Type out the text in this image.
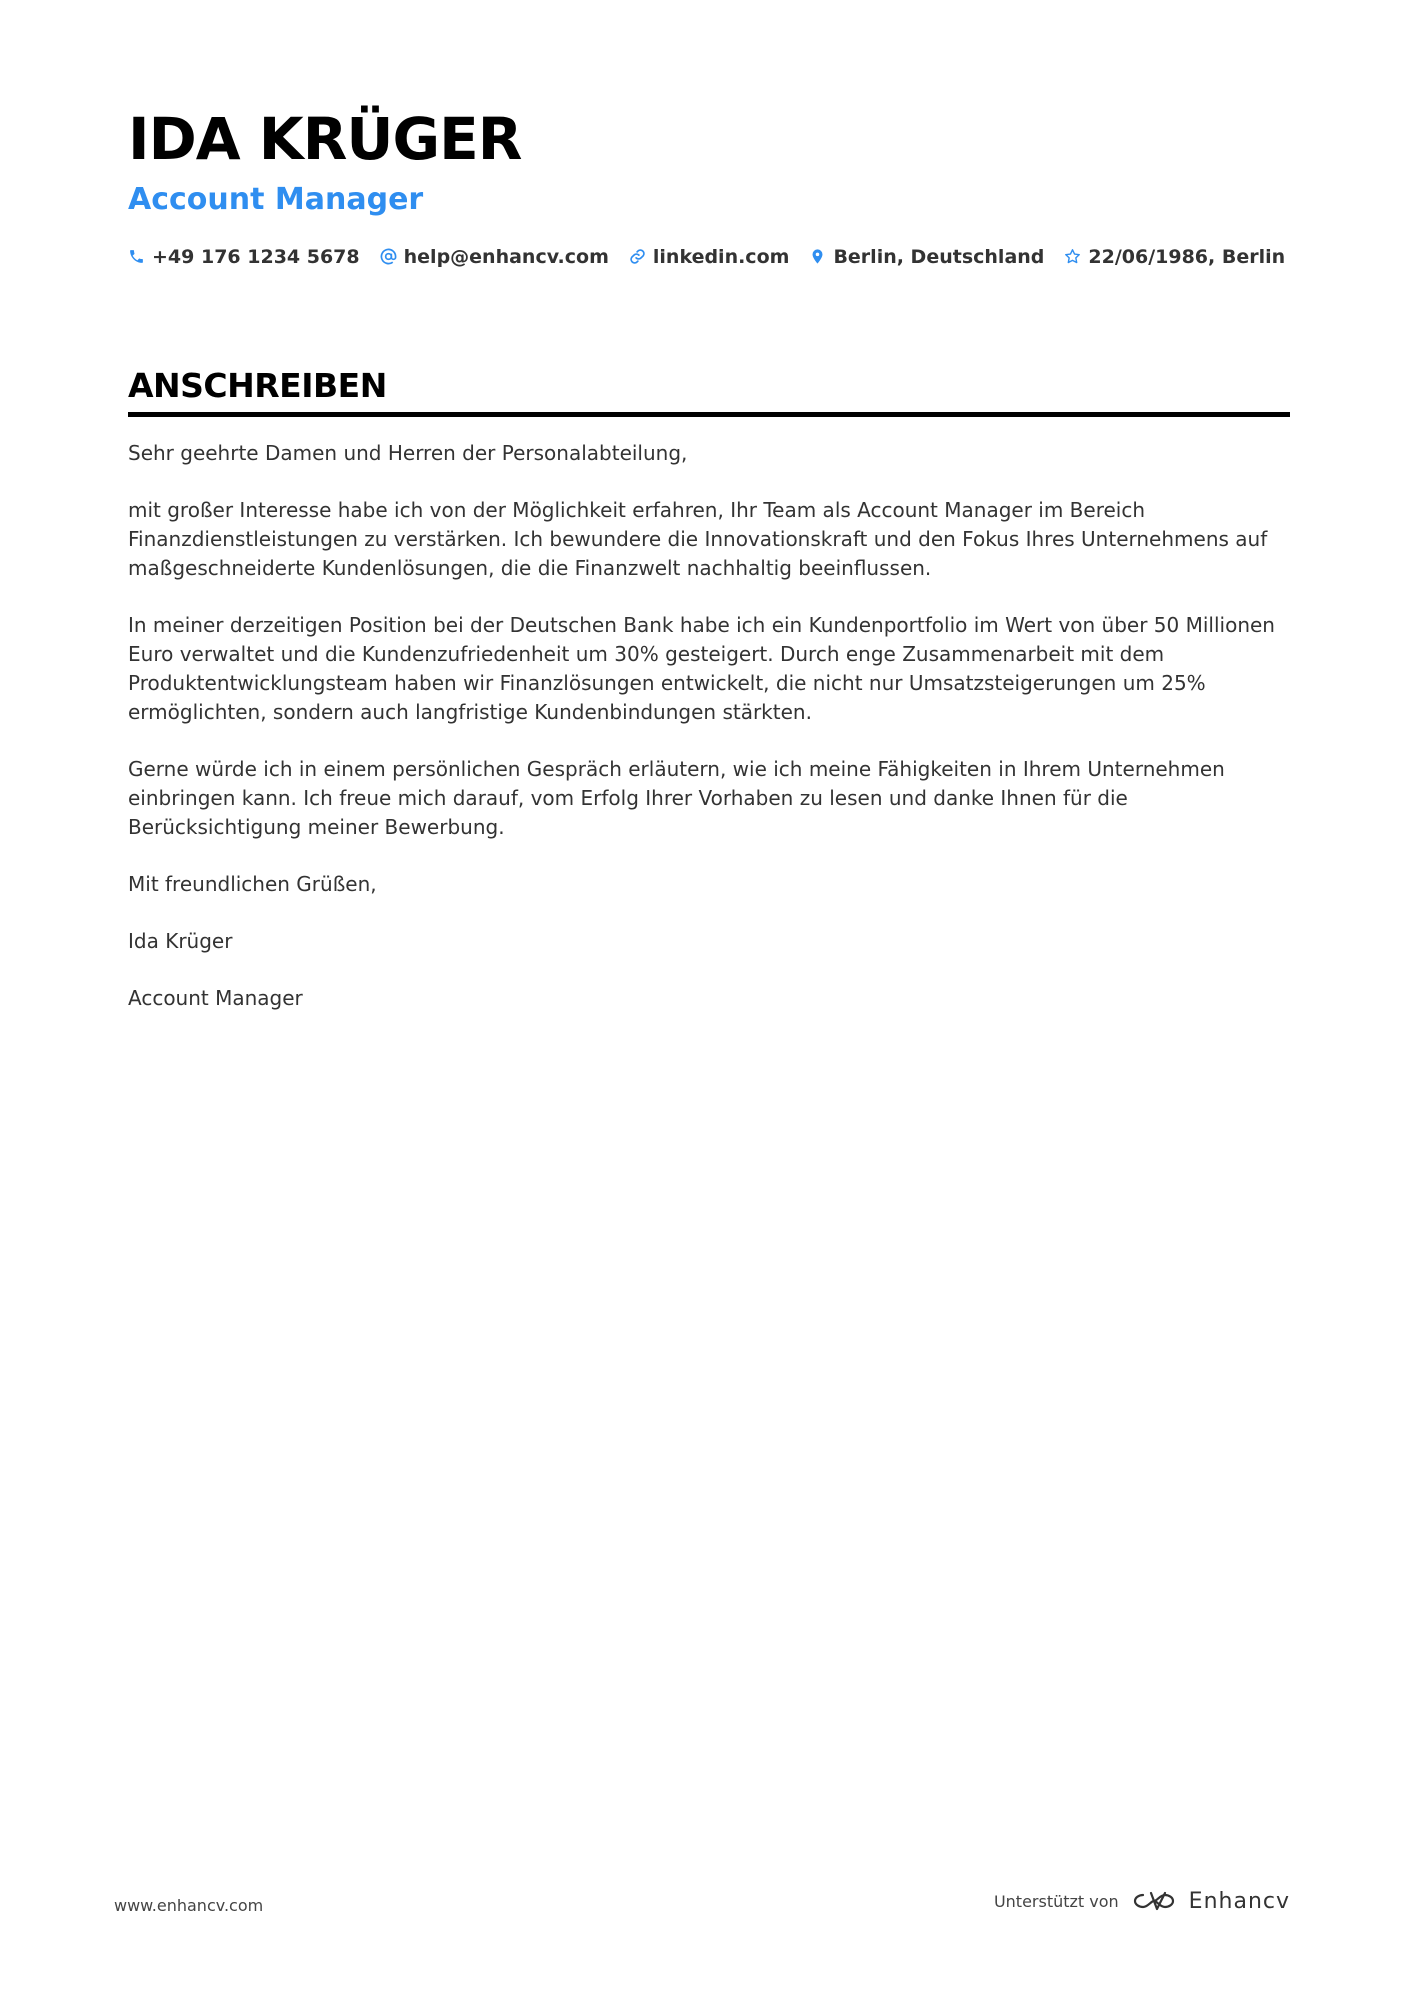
IDA KRÜGER
Account Manager
+49 176 1234 5678 help@enhancv.com linkedin.com Berlin, Deutschland 22/06/1986, Berlin
ANSCHREIBEN

Sehr geehrte Damen und Herren der Personalabteilung,

mit großer Interesse habe ich von der Möglichkeit erfahren, Ihr Team als Account Manager im Bereich Finanzdienstleistungen zu verstärken. Ich bewundere die Innovationskraft und den Fokus Ihres Unternehmens auf maßgeschneiderte Kundenlösungen, die die Finanzwelt nachhaltig beeinflussen.

In meiner derzeitigen Position bei der Deutschen Bank habe ich ein Kundenportfolio im Wert von über 50 Millionen Euro verwaltet und die Kundenzufriedenheit um 30% gesteigert. Durch enge Zusammenarbeit mit dem Produktentwicklungsteam haben wir Finanzlösungen entwickelt, die nicht nur Umsatzsteigerungen um 25% ermöglichten, sondern auch langfristige Kundenbindungen stärkten.

Gerne würde ich in einem persönlichen Gespräch erläutern, wie ich meine Fähigkeiten in Ihrem Unternehmen einbringen kann. Ich freue mich darauf, vom Erfolg Ihrer Vorhaben zu lesen und danke Ihnen für die Berücksichtigung meiner Bewerbung.

Mit freundlichen Grüßen,

Ida Krüger

Account Manager

www.enhancv.com	Unterstützt von	Enhancv
